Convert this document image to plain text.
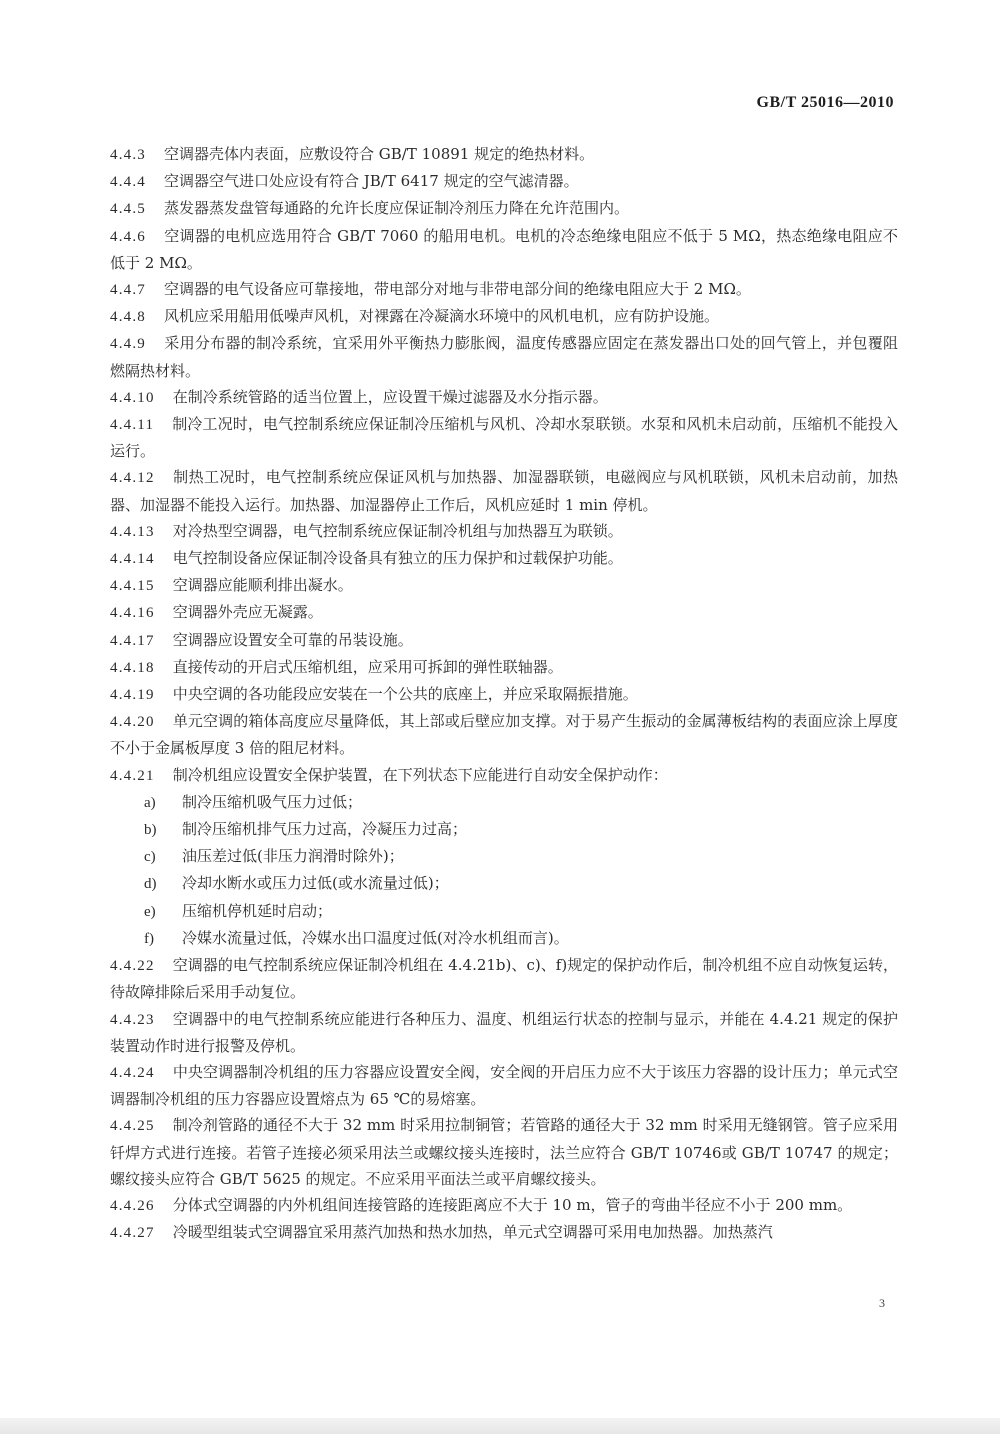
GB/T 25016—2010

4.4.3 空调器壳体内表面，应敷设符合 GB/T 10891 规定的绝热材料。

4.4.4 空调器空气进口处应设有符合 JB/T 6417 规定的空气滤清器。

4.4.5 蒸发器蒸发盘管每通路的允许长度应保证制冷剂压力降在允许范围内。

4.4.6 空调器的电机应选用符合 GB/T 7060 的船用电机。电机的冷态绝缘电阻应不低于 5 MΩ，热态绝缘电阻应不低于 2 MΩ。

4.4.7 空调器的电气设备应可靠接地，带电部分对地与非带电部分间的绝缘电阻应大于 2 MΩ。

4.4.8 风机应采用船用低噪声风机，对裸露在冷凝滴水环境中的风机电机，应有防护设施。

4.4.9 采用分布器的制冷系统，宜采用外平衡热力膨胀阀，温度传感器应固定在蒸发器出口处的回气管上，并包覆阻燃隔热材料。

4.4.10 在制冷系统管路的适当位置上，应设置干燥过滤器及水分指示器。

4.4.11 制冷工况时，电气控制系统应保证制冷压缩机与风机、冷却水泵联锁。水泵和风机未启动前，压缩机不能投入运行。

4.4.12 制热工况时，电气控制系统应保证风机与加热器、加湿器联锁，电磁阀应与风机联锁，风机未启动前，加热器、加湿器不能投入运行。加热器、加湿器停止工作后，风机应延时 1 min 停机。

4.4.13 对冷热型空调器，电气控制系统应保证制冷机组与加热器互为联锁。

4.4.14 电气控制设备应保证制冷设备具有独立的压力保护和过载保护功能。

4.4.15 空调器应能顺利排出凝水。

4.4.16 空调器外壳应无凝露。

4.4.17 空调器应设置安全可靠的吊装设施。

4.4.18 直接传动的开启式压缩机组，应采用可拆卸的弹性联轴器。

4.4.19 中央空调的各功能段应安装在一个公共的底座上，并应采取隔振措施。

4.4.20 单元空调的箱体高度应尽量降低，其上部或后壁应加支撑。对于易产生振动的金属薄板结构的表面应涂上厚度不小于金属板厚度 3 倍的阻尼材料。

4.4.21 制冷机组应设置安全保护装置，在下列状态下应能进行自动安全保护动作：

a) 制冷压缩机吸气压力过低；

b) 制冷压缩机排气压力过高，冷凝压力过高；

c) 油压差过低(非压力润滑时除外)；

d) 冷却水断水或压力过低(或水流量过低)；

e) 压缩机停机延时启动；

f) 冷媒水流量过低，冷媒水出口温度过低(对冷水机组而言)。

4.4.22 空调器的电气控制系统应保证制冷机组在 4.4.21b)、c)、f)规定的保护动作后，制冷机组不应自动恢复运转，待故障排除后采用手动复位。

4.4.23 空调器中的电气控制系统应能进行各种压力、温度、机组运行状态的控制与显示，并能在 4.4.21 规定的保护装置动作时进行报警及停机。

4.4.24 中央空调器制冷机组的压力容器应设置安全阀，安全阀的开启压力应不大于该压力容器的设计压力；单元式空调器制冷机组的压力容器应设置熔点为 65 ℃的易熔塞。

4.4.25 制冷剂管路的通径不大于 32 mm 时采用拉制铜管；若管路的通径大于 32 mm 时采用无缝钢管。管子应采用钎焊方式进行连接。若管子连接必须采用法兰或螺纹接头连接时，法兰应符合 GB/T 10746或 GB/T 10747 的规定；螺纹接头应符合 GB/T 5625 的规定。不应采用平面法兰或平肩螺纹接头。

4.4.26 分体式空调器的内外机组间连接管路的连接距离应不大于 10 m，管子的弯曲半径应不小于 200 mm。

4.4.27 冷暖型组装式空调器宜采用蒸汽加热和热水加热，单元式空调器可采用电加热器。加热蒸汽

3
